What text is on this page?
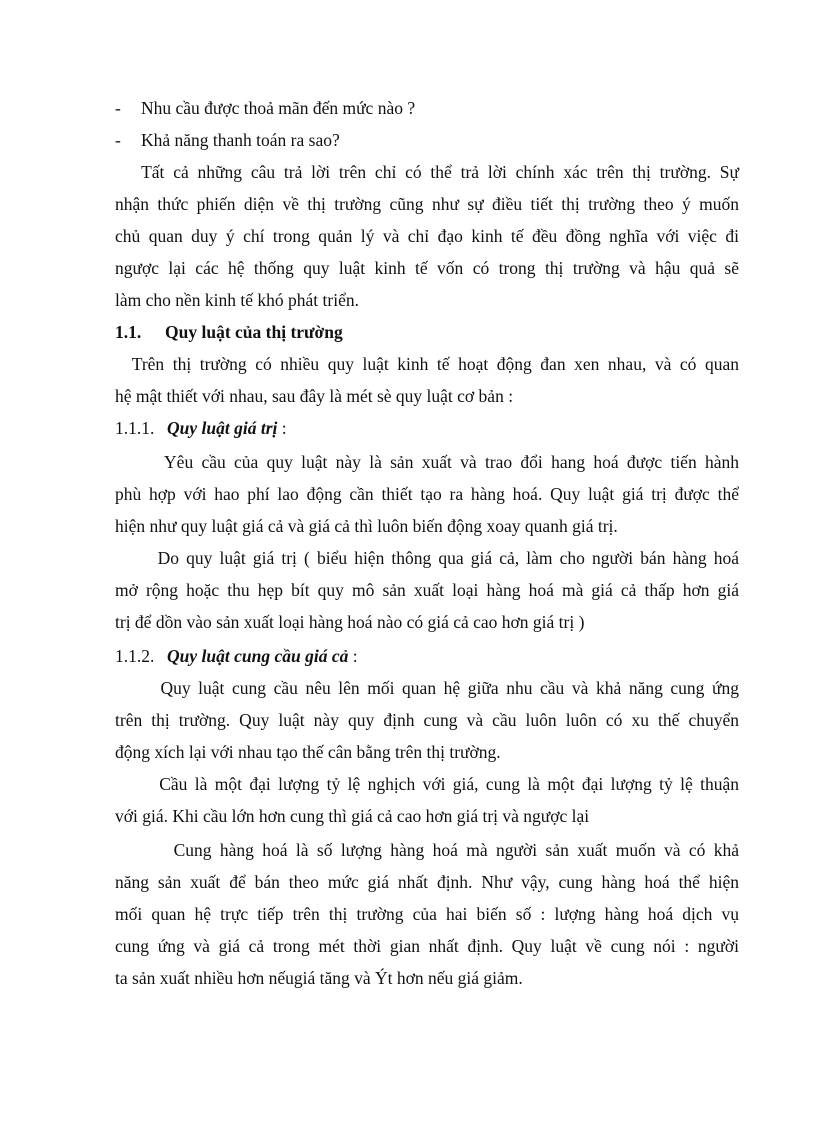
- Nhu cầu được thoả mãn đến mức nào ?
- Khả năng thanh toán ra sao?
Tất cả những câu trả lời trên chỉ có thể trả lời chính xác trên thị trường. Sự
nhận thức phiến diện về thị trường cũng như sự điều tiết thị trường theo ý muốn
chủ quan duy ý chí trong quản lý và chỉ đạo kinh tế đều đồng nghĩa với việc đi
ngược lại các hệ thống quy luật kinh tế vốn có trong thị trường và hậu quả sẽ
làm cho nền kinh tế khó phát triển.
1.1. Quy luật của thị trường
Trên thị trường có nhiều quy luật kinh tế hoạt động đan xen nhau, và có quan
hệ mật thiết với nhau, sau đây là mét sè quy luật cơ bản :
1.1.1. Quy luật giá trị :
Yêu cầu của quy luật này là sản xuất và trao đổi hang hoá được tiến hành
phù hợp với hao phí lao động cần thiết tạo ra hàng hoá. Quy luật giá trị được thể
hiện như quy luật giá cả và giá cả thì luôn biến động xoay quanh giá trị.
Do quy luật giá trị ( biểu hiện thông qua giá cả, làm cho người bán hàng hoá
mở rộng hoặc thu hẹp bít quy mô sản xuất loại hàng hoá mà giá cả thấp hơn giá
trị để dồn vào sản xuất loại hàng hoá nào có giá cả cao hơn giá trị )
1.1.2. Quy luật cung cầu giá cả :
Quy luật cung cầu nêu lên mối quan hệ giữa nhu cầu và khả năng cung ứng
trên thị trường. Quy luật này quy định cung và cầu luôn luôn có xu thế chuyển
động xích lại với nhau tạo thế cân bằng trên thị trường.
Cầu là một đại lượng tỷ lệ nghịch với giá, cung là một đại lượng tỷ lệ thuận
với giá. Khi cầu lớn hơn cung thì giá cả cao hơn giá trị và ngược lại
Cung hàng hoá là số lượng hàng hoá mà người sản xuất muốn và có khả
năng sản xuất để bán theo mức giá nhất định. Như vậy, cung hàng hoá thể hiện
mối quan hệ trực tiếp trên thị trường của hai biến số : lượng hàng hoá dịch vụ
cung ứng và giá cả trong mét thời gian nhất định. Quy luật về cung nói : người
ta sản xuất nhiều hơn nếugiá tăng và Ýt hơn nếu giá giảm.
